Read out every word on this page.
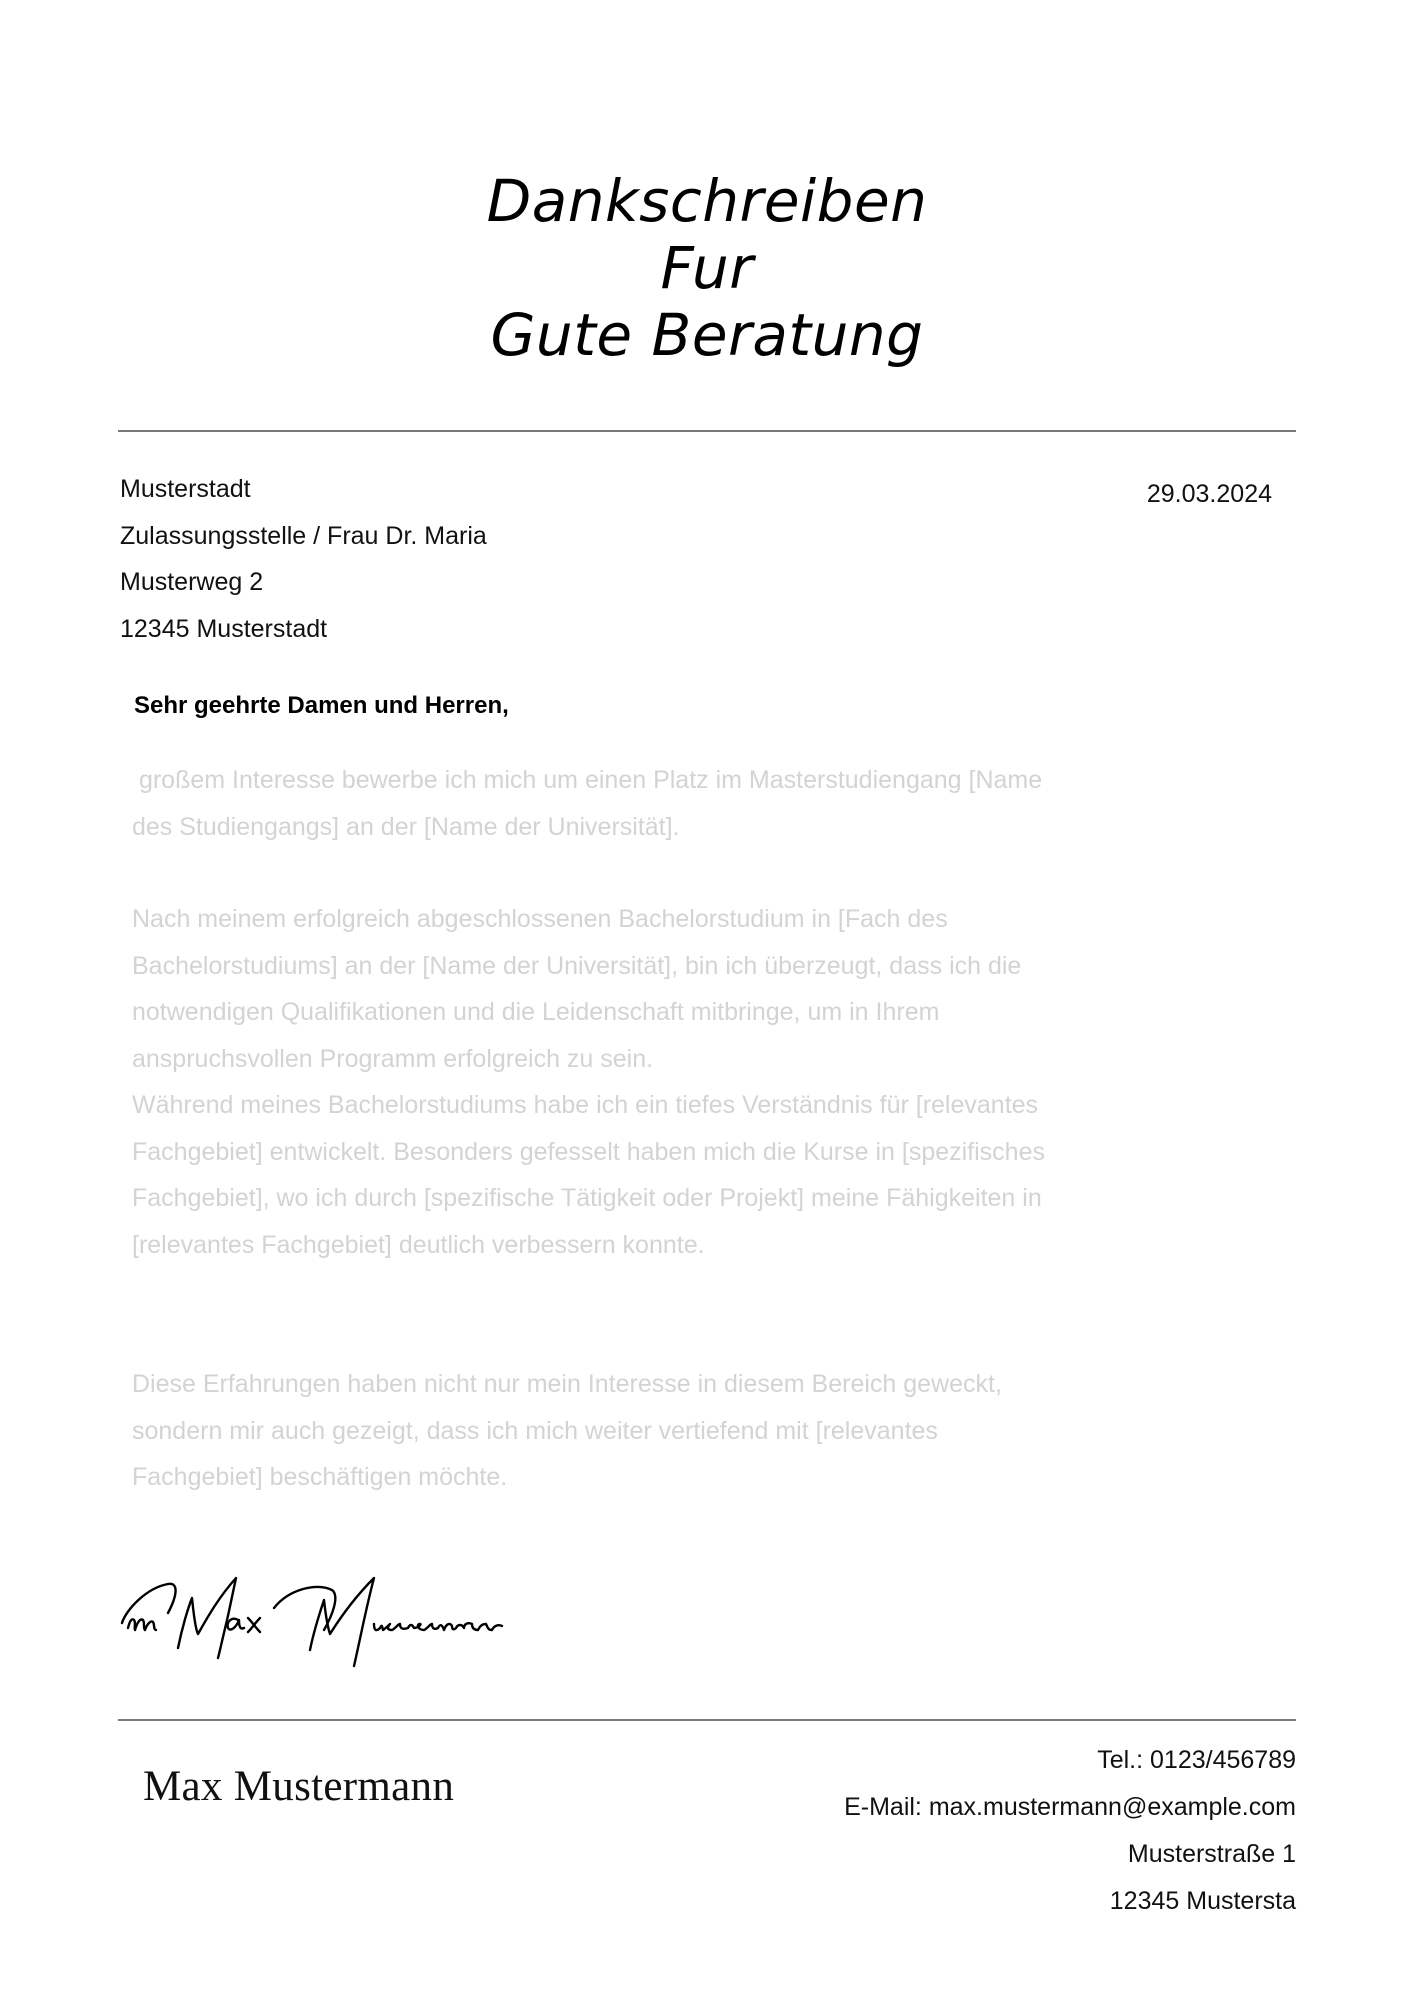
Dankschreiben
Fur
Gute Beratung
Musterstadt
Zulassungsstelle / Frau Dr. Maria
Musterweg 2
12345 Musterstadt
29.03.2024
Sehr geehrte Damen und Herren,
großem Interesse bewerbe ich mich um einen Platz im Masterstudiengang [Name
des Studiengangs] an der [Name der Universität].
Nach meinem erfolgreich abgeschlossenen Bachelorstudium in [Fach des
Bachelorstudiums] an der [Name der Universität], bin ich überzeugt, dass ich die
notwendigen Qualifikationen und die Leidenschaft mitbringe, um in Ihrem
anspruchsvollen Programm erfolgreich zu sein.
Während meines Bachelorstudiums habe ich ein tiefes Verständnis für [relevantes
Fachgebiet] entwickelt. Besonders gefesselt haben mich die Kurse in [spezifisches
Fachgebiet], wo ich durch [spezifische Tätigkeit oder Projekt] meine Fähigkeiten in
[relevantes Fachgebiet] deutlich verbessern konnte.
Diese Erfahrungen haben nicht nur mein Interesse in diesem Bereich geweckt,
sondern mir auch gezeigt, dass ich mich weiter vertiefend mit [relevantes
Fachgebiet] beschäftigen möchte.
Max Mustermann
Tel.: 0123/456789
E-Mail: max.mustermann@example.com
Musterstraße 1
12345 Mustersta
